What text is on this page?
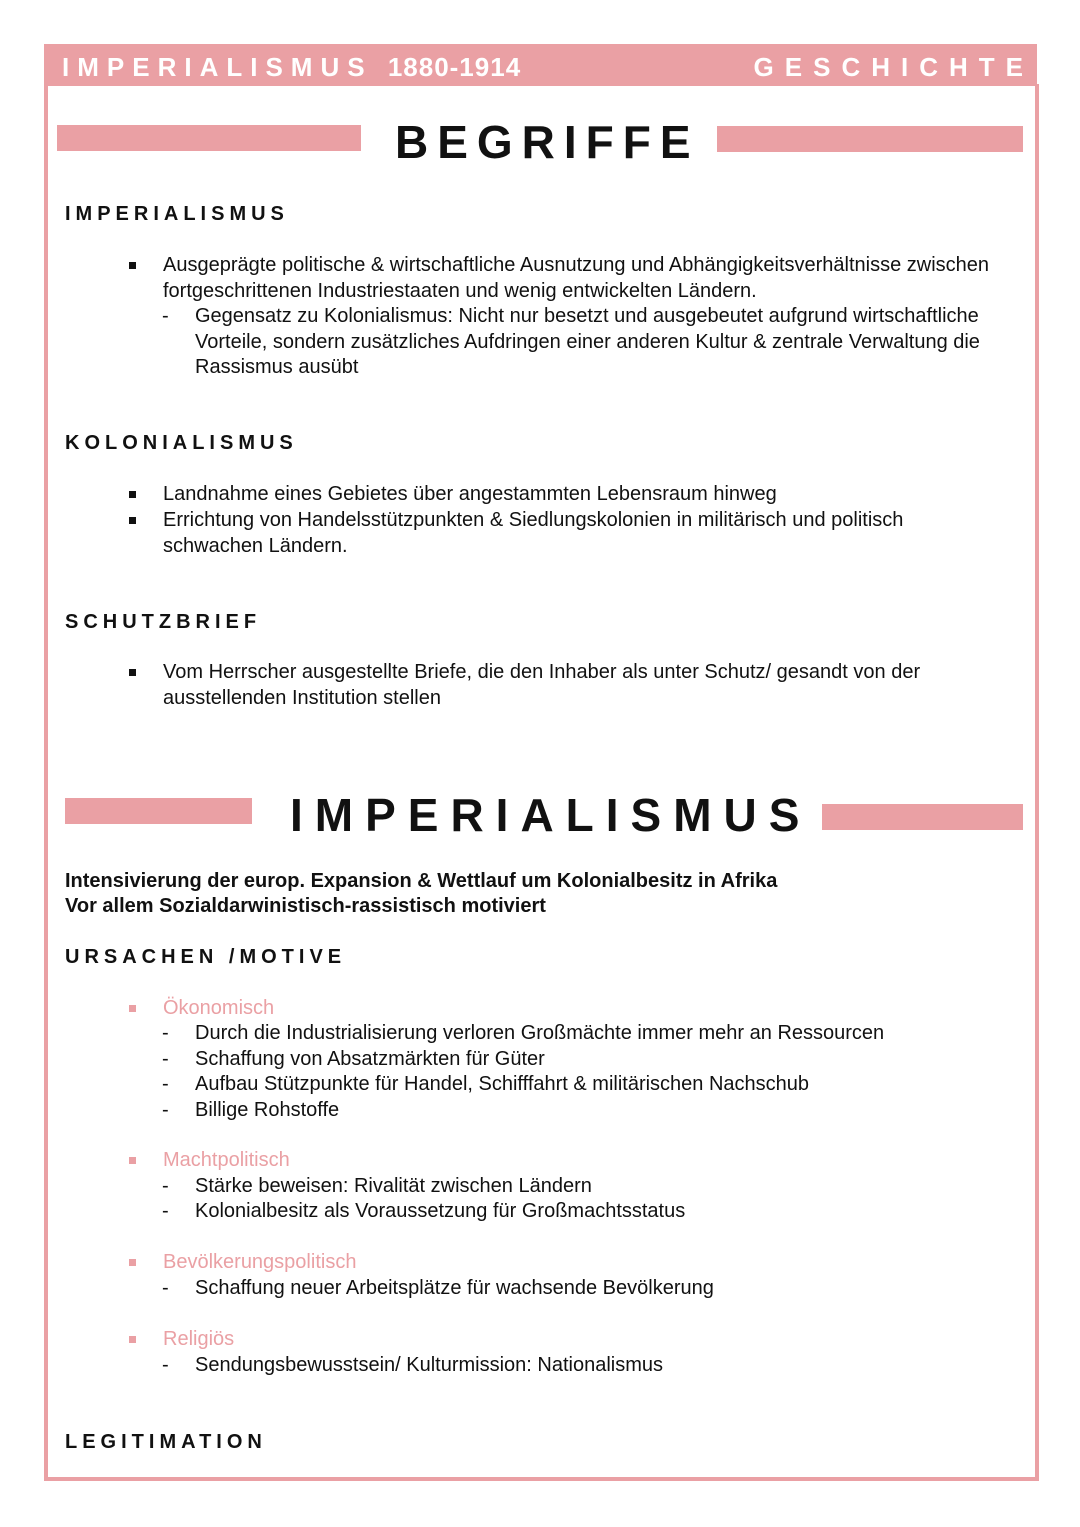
IMPERIALISMUS 1880-1914	GESCHICHTE
BEGRIFFE
IMPERIALISMUS
Ausgeprägte politische & wirtschaftliche Ausnutzung und Abhängigkeitsverhältnisse zwischen fortgeschrittenen Industriestaaten und wenig entwickelten Ländern.
- Gegensatz zu Kolonialismus: Nicht nur besetzt und ausgebeutet aufgrund wirtschaftliche Vorteile, sondern zusätzliches Aufdringen einer anderen Kultur & zentrale Verwaltung die Rassismus ausübt
KOLONIALISMUS
Landnahme eines Gebietes über angestammten Lebensraum hinweg
Errichtung von Handelsstützpunkten & Siedlungskolonien in militärisch und politisch schwachen Ländern.
SCHUTZBRIEF
Vom Herrscher ausgestellte Briefe, die den Inhaber als unter Schutz/ gesandt von der ausstellenden Institution stellen
IMPERIALISMUS
Intensivierung der europ. Expansion & Wettlauf um Kolonialbesitz in Afrika
Vor allem Sozialdarwinistisch-rassistisch motiviert
URSACHEN /MOTIVE
Ökonomisch
- Durch die Industrialisierung verloren Großmächte immer mehr an Ressourcen
- Schaffung von Absatzmärkten für Güter
- Aufbau Stützpunkte für Handel, Schifffahrt & militärischen Nachschub
- Billige Rohstoffe
Machtpolitisch
- Stärke beweisen: Rivalität zwischen Ländern
- Kolonialbesitz als Voraussetzung für Großmachtsstatus
Bevölkerungspolitisch
- Schaffung neuer Arbeitsplätze für wachsende Bevölkerung
Religiös
- Sendungsbewusstsein/ Kulturmission: Nationalismus
LEGITIMATION
